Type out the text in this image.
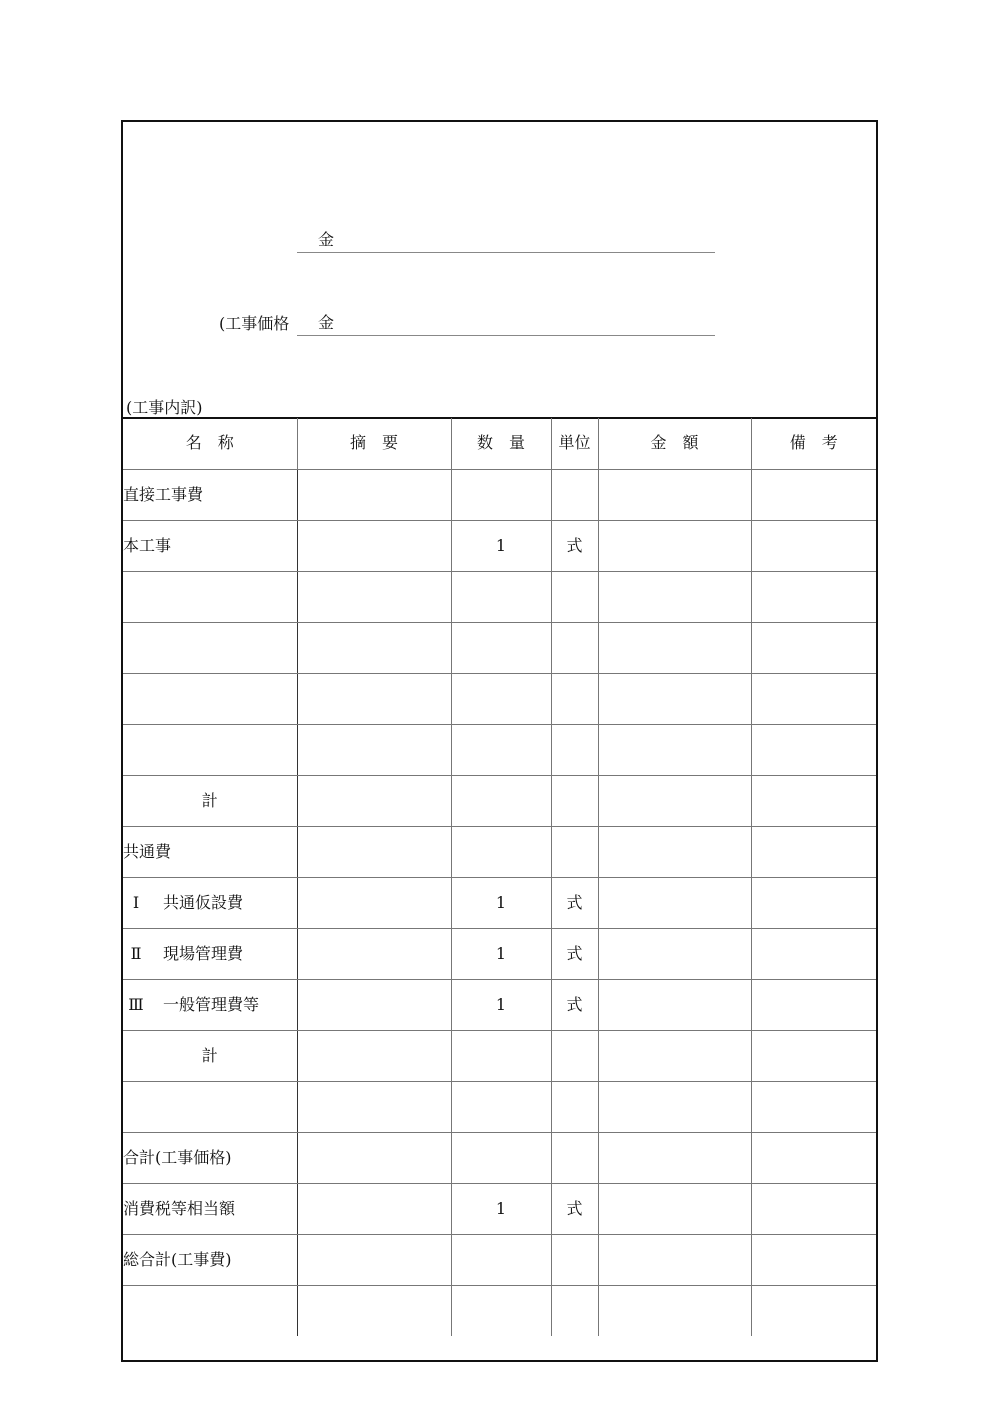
金
(工事価格 金
(工事内訳)
名　称	摘　要	数　量	単位	金　額	備　考
直接工事費					
本工事		1	式		

計					
共通費					
Ⅰ 共通仮設費		1	式		
Ⅱ 現場管理費		1	式		
Ⅲ 一般管理費等		1	式		
計					

合計(工事価格)					
消費税等相当額		1	式		
総合計(工事費)					
